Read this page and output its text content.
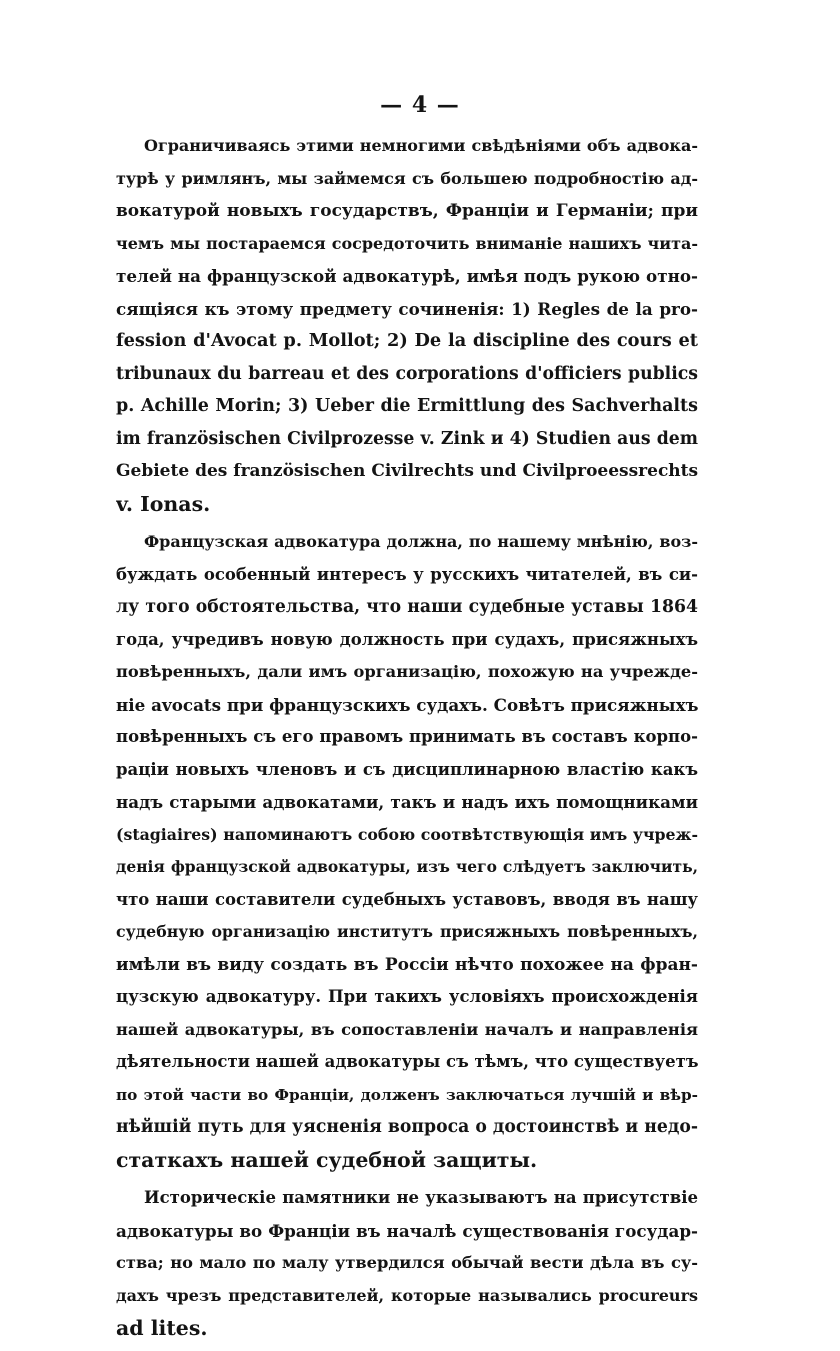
— 4 —
Ограничиваясь этими немногими свѣдѣніями объ адвока-
турѣ у римлянъ, мы займемся съ большею подробностію ад-
вокатурой новыхъ государствъ, Франціи и Германіи; при
чемъ мы постараемся сосредоточить вниманіе нашихъ чита-
телей на французской адвокатурѣ, имѣя подъ рукою отно-
сящіяся къ этому предмету сочиненія: 1) Regles de la pro-
fession d'Avocat p. Mollot; 2) De la discipline des cours et
tribunaux du barreau et des corporations d'officiers publics
p. Achille Morin; 3) Ueber die Ermittlung des Sachverhalts
im französischen Civilprozesse v. Zink и 4) Studien aus dem
Gebiete des französischen Civilrechts und Civilproeessrechts
v. Ionas.
Французская адвокатура должна, по нашему мнѣнію, воз-
буждать особенный интересъ у русскихъ читателей, въ си-
лу того обстоятельства, что наши судебные уставы 1864
года, учредивъ новую должность при судахъ, присяжныхъ
повѣренныхъ, дали имъ организацію, похожую на учрежде-
ніе avocats при французскихъ судахъ. Совѣтъ присяжныхъ
повѣренныхъ съ его правомъ принимать въ составъ корпо-
раціи новыхъ членовъ и съ дисциплинарною властію какъ
надъ старыми адвокатами, такъ и надъ ихъ помощниками
(stagiaires) напоминаютъ собою соотвѣтствующія имъ учреж-
денія французской адвокатуры, изъ чего слѣдуетъ заключить,
что наши составители судебныхъ уставовъ, вводя въ нашу
судебную организацію институтъ присяжныхъ повѣренныхъ,
имѣли въ виду создать въ Россіи нѣчто похожее на фран-
цузскую адвокатуру. При такихъ условіяхъ происхожденія
нашей адвокатуры, въ сопоставленіи началъ и направленія
дѣятельности нашей адвокатуры съ тѣмъ, что существуетъ
по этой части во Франціи, долженъ заключаться лучшій и вѣр-
нѣйшій путь для уясненія вопроса о достоинствѣ и недо-
статкахъ нашей судебной защиты.
Историческіе памятники не указываютъ на присутствіе
адвокатуры во Франціи въ началѣ существованія государ-
ства; но мало по малу утвердился обычай вести дѣла въ су-
дахъ чрезъ представителей, которые назывались procureurs
ad lites.
